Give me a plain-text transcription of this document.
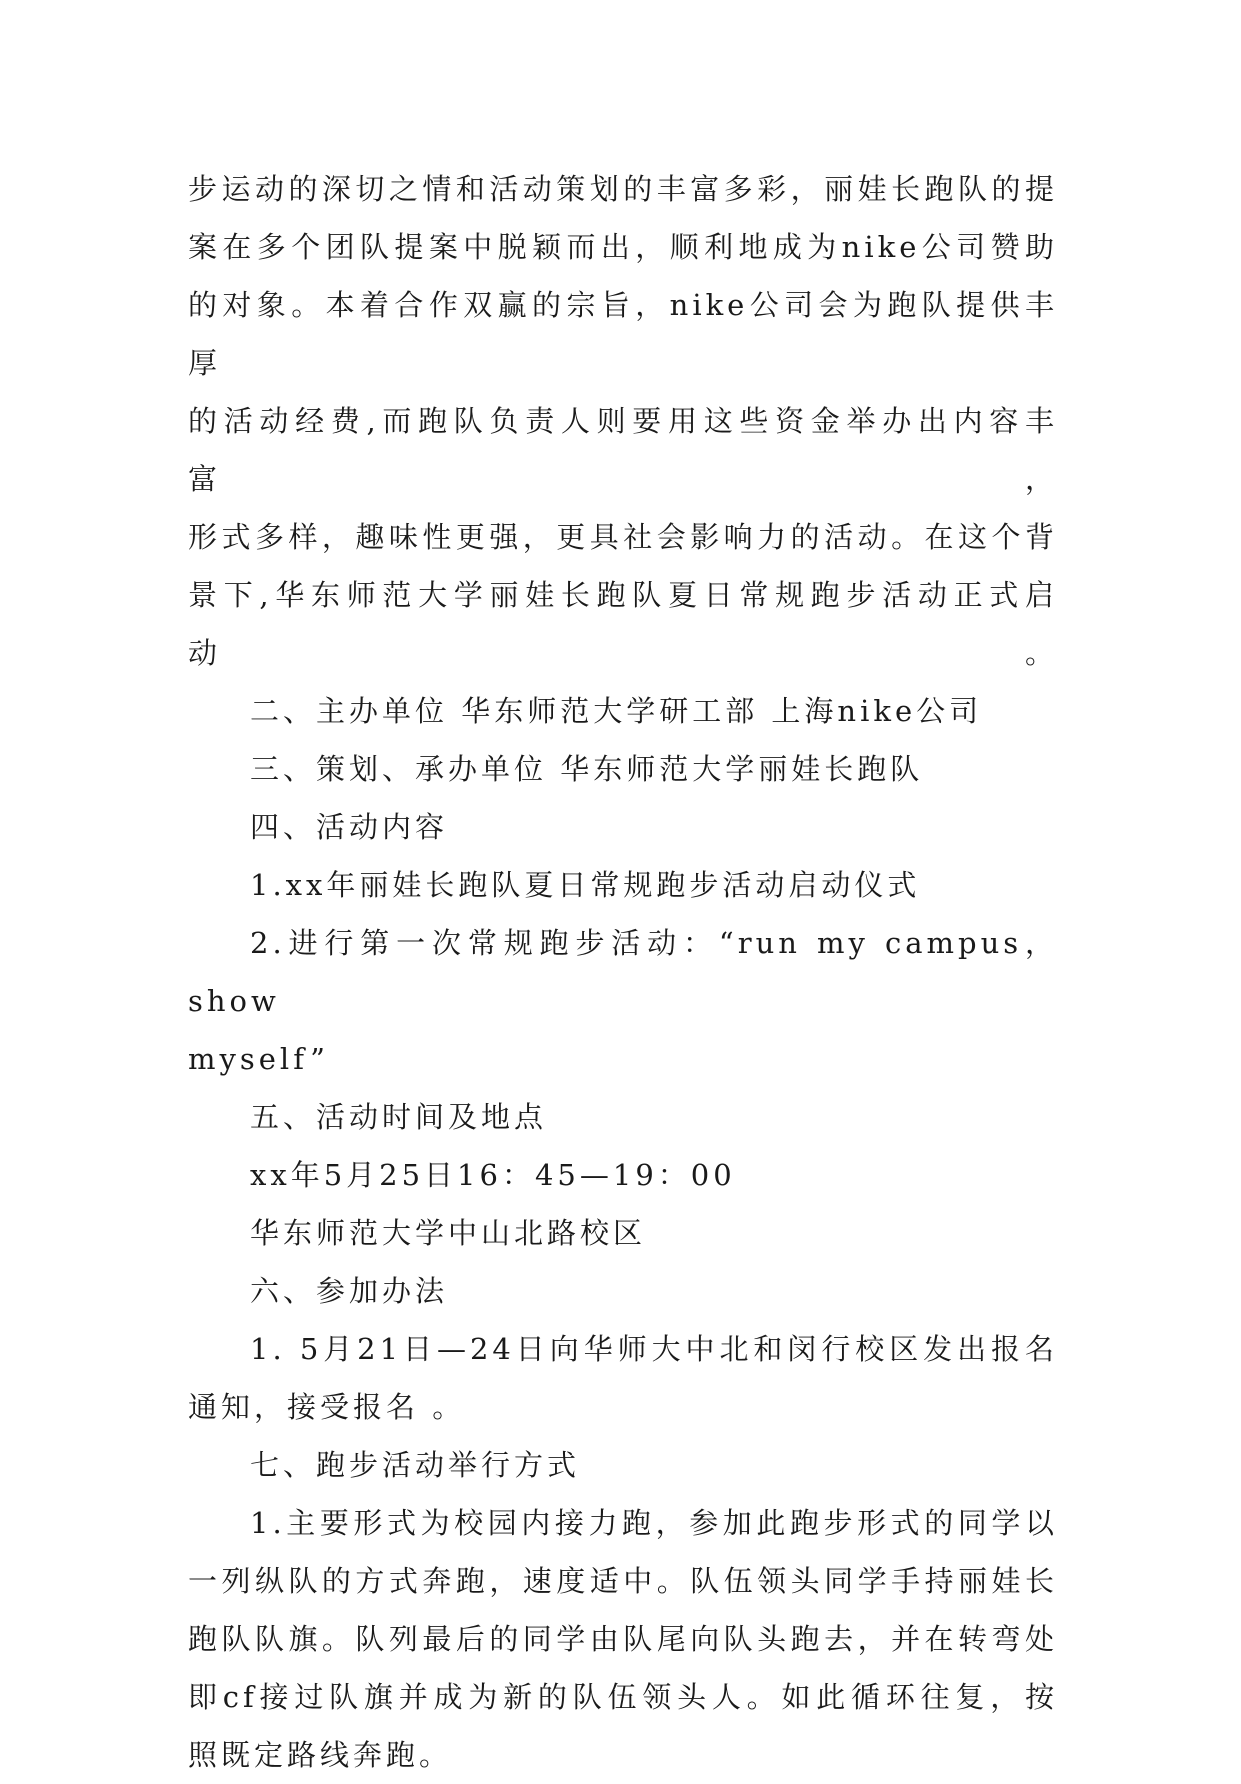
步运动的深切之情和活动策划的丰富多彩，丽娃长跑队的提
案在多个团队提案中脱颖而出，顺利地成为nike公司赞助
的对象。本着合作双赢的宗旨，nike公司会为跑队提供丰厚
的活动经费,而跑队负责人则要用这些资金举办出内容丰富，
形式多样，趣味性更强，更具社会影响力的活动。在这个背
景下,华东师范大学丽娃长跑队夏日常规跑步活动正式启动。
二、主办单位 华东师范大学研工部 上海nike公司
三、策划、承办单位 华东师范大学丽娃长跑队
四、活动内容
1.xx年丽娃长跑队夏日常规跑步活动启动仪式
2.进行第一次常规跑步活动：“run my campus，show
myself”
五、活动时间及地点
xx年5月25日16：45—19：00
华东师范大学中山北路校区
六、参加办法
1. 5月21日—24日向华师大中北和闵行校区发出报名
通知，接受报名 。
七、跑步活动举行方式
1.主要形式为校园内接力跑，参加此跑步形式的同学以
一列纵队的方式奔跑，速度适中。队伍领头同学手持丽娃长
跑队队旗。队列最后的同学由队尾向队头跑去，并在转弯处
即cf接过队旗并成为新的队伍领头人。如此循环往复，按
照既定路线奔跑。
